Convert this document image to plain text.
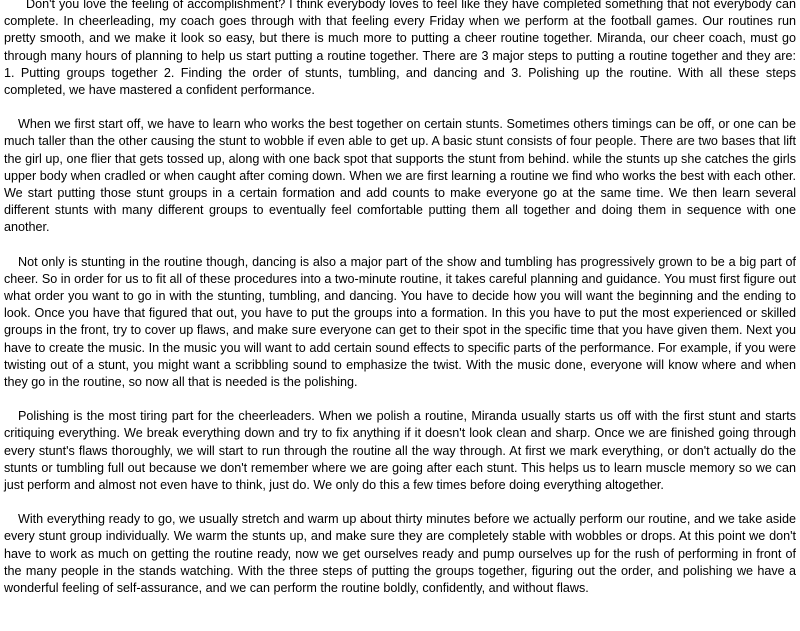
Don't you love the feeling of accomplishment? I think everybody loves to feel like they have completed something that not everybody can complete. In cheerleading, my coach goes through with that feeling every Friday when we perform at the football games. Our routines run pretty smooth, and we make it look so easy, but there is much more to putting a cheer routine together. Miranda, our cheer coach, must go through many hours of planning to help us start putting a routine together. There are 3 major steps to putting a routine together and they are: 1. Putting groups together 2. Finding the order of stunts, tumbling, and dancing and 3. Polishing up the routine. With all these steps completed, we have mastered a confident performance.

When we first start off, we have to learn who works the best together on certain stunts. Sometimes others timings can be off, or one can be much taller than the other causing the stunt to wobble if even able to get up. A basic stunt consists of four people. There are two bases that lift the girl up, one flier that gets tossed up, along with one back spot that supports the stunt from behind. while the stunts up she catches the girls upper body when cradled or when caught after coming down. When we are first learning a routine we find who works the best with each other. We start putting those stunt groups in a certain formation and add counts to make everyone go at the same time. We then learn several different stunts with many different groups to eventually feel comfortable putting them all together and doing them in sequence with one another.

Not only is stunting in the routine though, dancing is also a major part of the show and tumbling has progressively grown to be a big part of cheer. So in order for us to fit all of these procedures into a two-minute routine, it takes careful planning and guidance. You must first figure out what order you want to go in with the stunting, tumbling, and dancing. You have to decide how you will want the beginning and the ending to look. Once you have that figured that out, you have to put the groups into a formation. In this you have to put the most experienced or skilled groups in the front, try to cover up flaws, and make sure everyone can get to their spot in the specific time that you have given them. Next you have to create the music. In the music you will want to add certain sound effects to specific parts of the performance. For example, if you were twisting out of a stunt, you might want a scribbling sound to emphasize the twist. With the music done, everyone will know where and when they go in the routine, so now all that is needed is the polishing.

Polishing is the most tiring part for the cheerleaders. When we polish a routine, Miranda usually starts us off with the first stunt and starts critiquing everything. We break everything down and try to fix anything if it doesn't look clean and sharp. Once we are finished going through every stunt's flaws thoroughly, we will start to run through the routine all the way through. At first we mark everything, or don't actually do the stunts or tumbling full out because we don't remember where we are going after each stunt. This helps us to learn muscle memory so we can just perform and almost not even have to think, just do. We only do this a few times before doing everything altogether.

With everything ready to go, we usually stretch and warm up about thirty minutes before we actually perform our routine, and we take aside every stunt group individually. We warm the stunts up, and make sure they are completely stable with wobbles or drops. At this point we don't have to work as much on getting the routine ready, now we get ourselves ready and pump ourselves up for the rush of performing in front of the many people in the stands watching. With the three steps of putting the groups together, figuring out the order, and polishing we have a wonderful feeling of self-assurance, and we can perform the routine boldly, confidently, and without flaws.
